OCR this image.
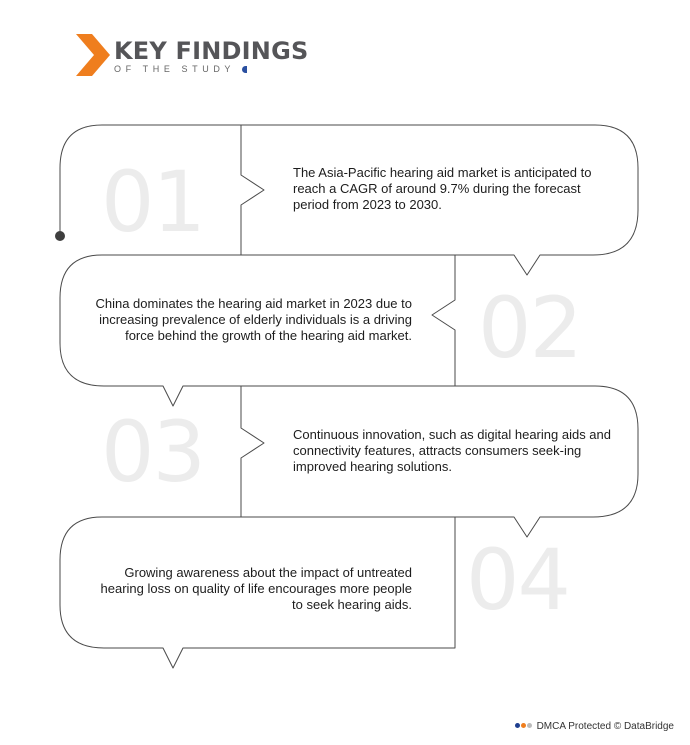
KEY FINDINGS
OF THE STUDY
01	The Asia-Pacific hearing aid market is anticipated to reach a CAGR of around 9.7% during the forecast period from 2023 to 2030.
02
China dominates the hearing aid market in 2023 due to increasing prevalence of elderly individuals is a driving force behind the growth of the hearing aid market.
03	Continuous innovation, such as digital hearing aids and connectivity features, attracts consumers seek-ing improved hearing solutions.
04
Growing awareness about the impact of untreated hearing loss on quality of life encourages more people to seek hearing aids.
DMCA Protected © DataBridge
